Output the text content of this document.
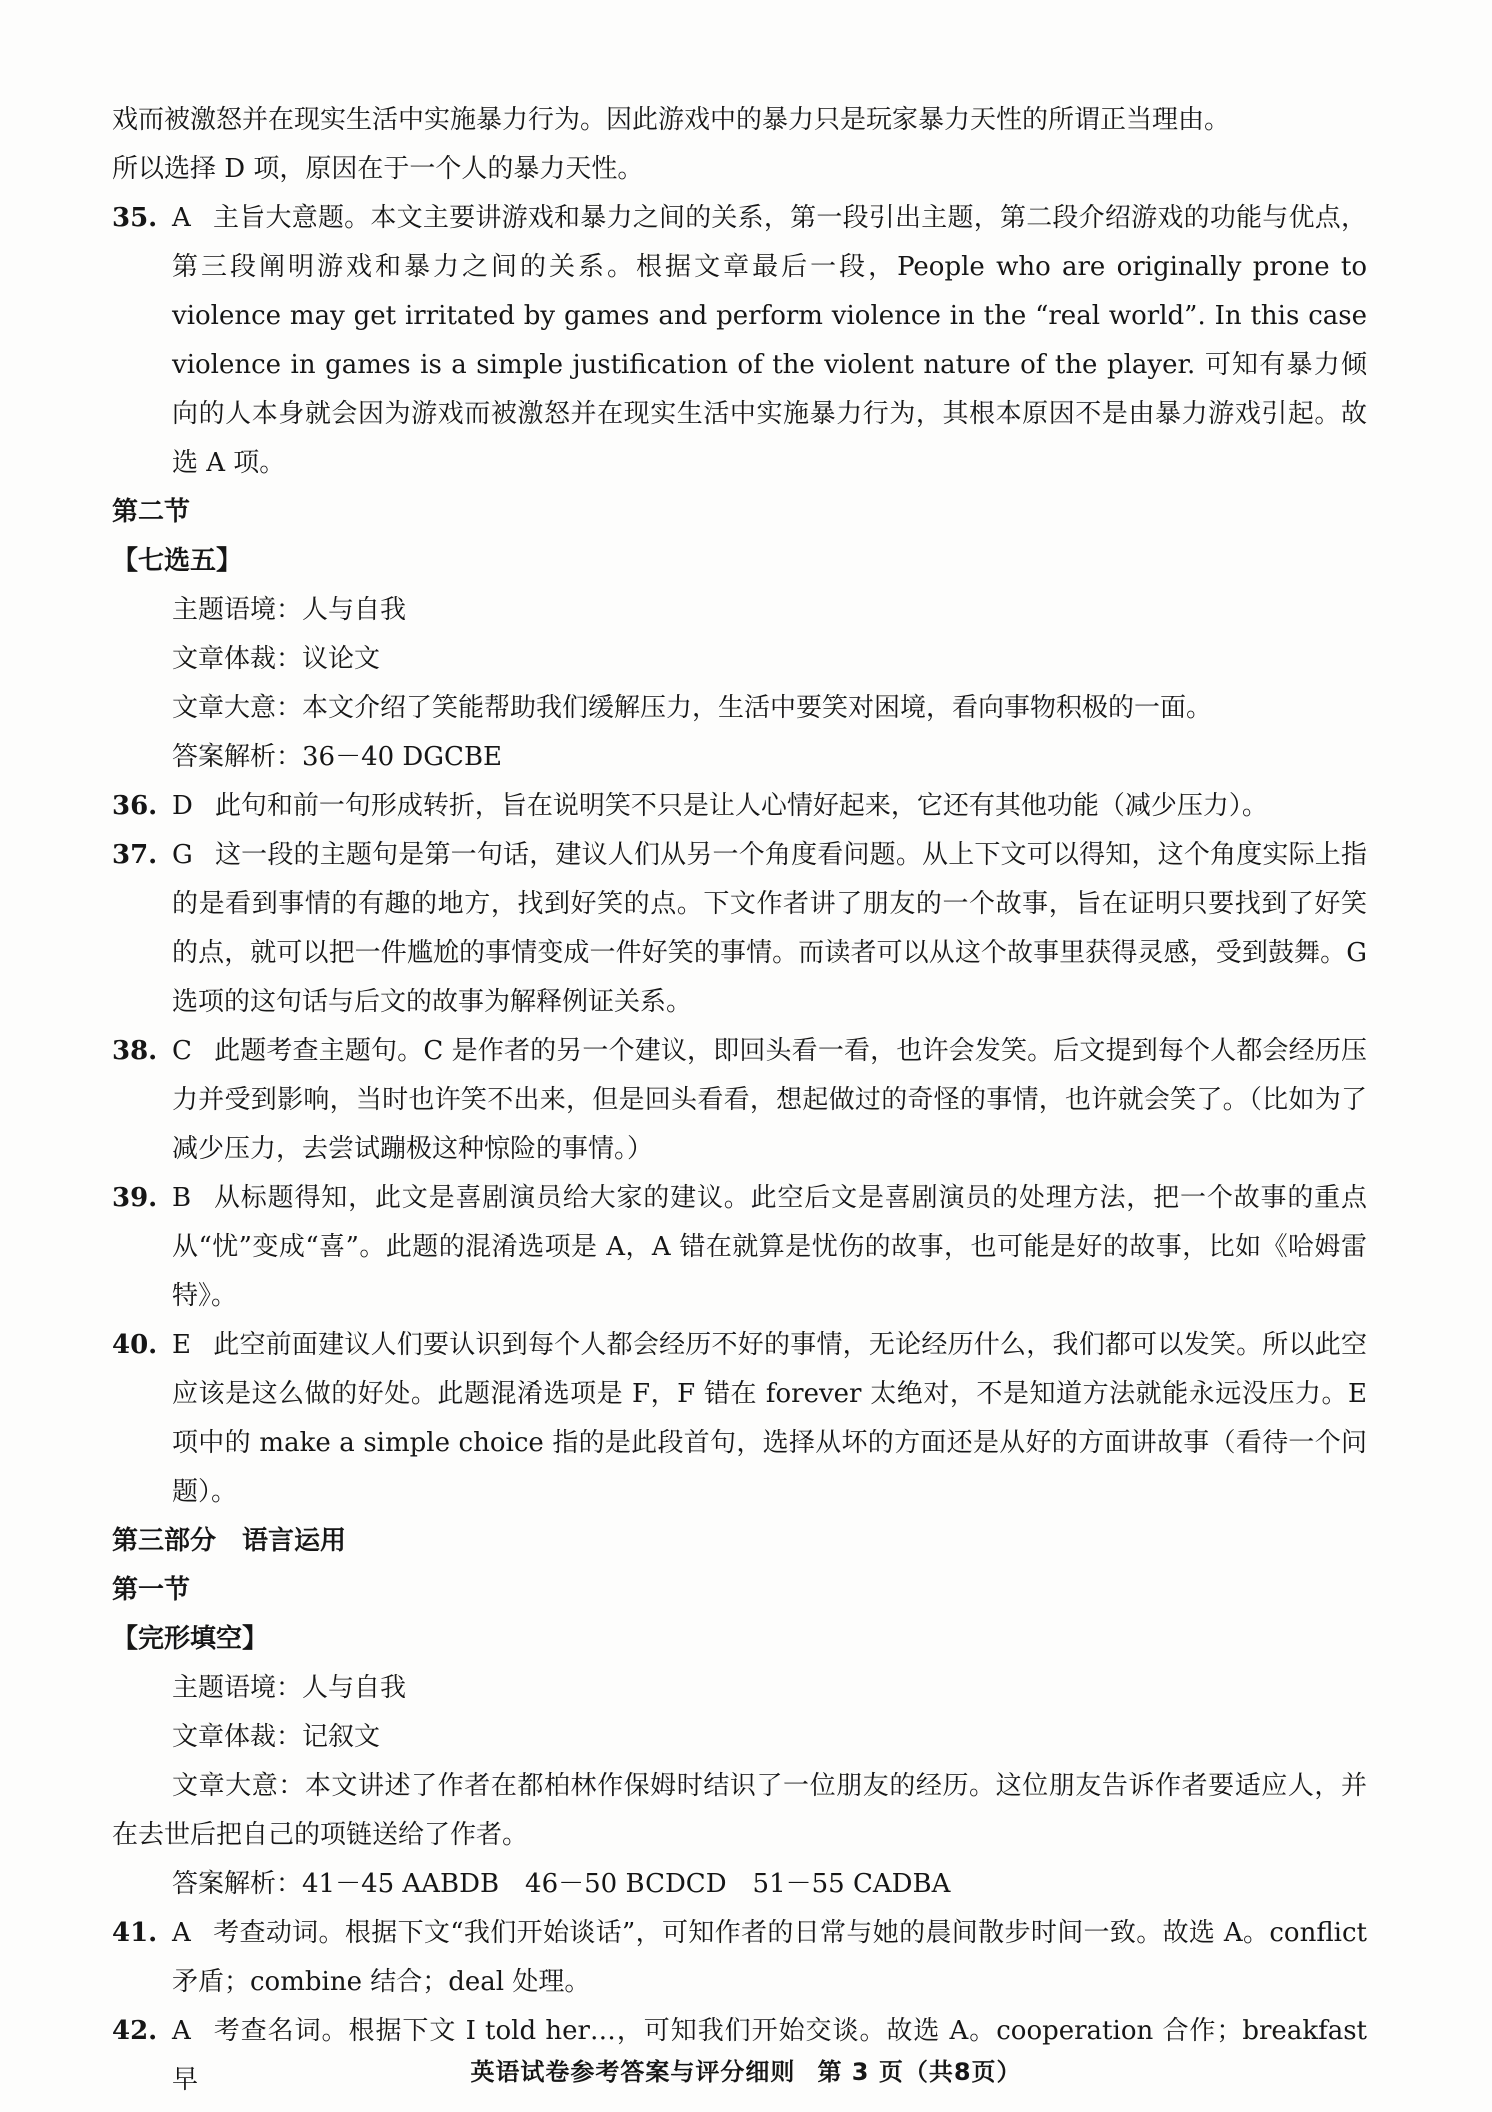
戏而被激怒并在现实生活中实施暴力行为。因此游戏中的暴力只是玩家暴力天性的所谓正当理由。

所以选择 D 项，原因在于一个人的暴力天性。

35. A 主旨大意题。本文主要讲游戏和暴力之间的关系，第一段引出主题，第二段介绍游戏的功能与优点，第三段阐明游戏和暴力之间的关系。根据文章最后一段，People who are originally prone to violence may get irritated by games and perform violence in the “real world”. In this case violence in games is a simple justification of the violent nature of the player. 可知有暴力倾向的人本身就会因为游戏而被激怒并在现实生活中实施暴力行为，其根本原因不是由暴力游戏引起。故选 A 项。

第二节

【七选五】

主题语境：人与自我

文章体裁：议论文

文章大意：本文介绍了笑能帮助我们缓解压力，生活中要笑对困境，看向事物积极的一面。

答案解析：36－40 DGCBE

36. D 此句和前一句形成转折，旨在说明笑不只是让人心情好起来，它还有其他功能（减少压力）。
37. G 这一段的主题句是第一句话，建议人们从另一个角度看问题。从上下文可以得知，这个角度实际上指的是看到事情的有趣的地方，找到好笑的点。下文作者讲了朋友的一个故事，旨在证明只要找到了好笑的点，就可以把一件尴尬的事情变成一件好笑的事情。而读者可以从这个故事里获得灵感，受到鼓舞。G 选项的这句话与后文的故事为解释例证关系。
38. C 此题考查主题句。C 是作者的另一个建议，即回头看一看，也许会发笑。后文提到每个人都会经历压力并受到影响，当时也许笑不出来，但是回头看看，想起做过的奇怪的事情，也许就会笑了。（比如为了减少压力，去尝试蹦极这种惊险的事情。）
39. B 从标题得知，此文是喜剧演员给大家的建议。此空后文是喜剧演员的处理方法，把一个故事的重点从“忧”变成“喜”。此题的混淆选项是 A，A 错在就算是忧伤的故事，也可能是好的故事，比如《哈姆雷特》。
40. E 此空前面建议人们要认识到每个人都会经历不好的事情，无论经历什么，我们都可以发笑。所以此空应该是这么做的好处。此题混淆选项是 F，F 错在 forever 太绝对，不是知道方法就能永远没压力。E 项中的 make a simple choice 指的是此段首句，选择从坏的方面还是从好的方面讲故事（看待一个问题）。

第三部分 语言运用

第一节

【完形填空】

主题语境：人与自我

文章体裁：记叙文

文章大意：本文讲述了作者在都柏林作保姆时结识了一位朋友的经历。这位朋友告诉作者要适应人，并在去世后把自己的项链送给了作者。

答案解析：41－45 AABDB　46－50 BCDCD　51－55 CADBA

41. A 考查动词。根据下文“我们开始谈话”，可知作者的日常与她的晨间散步时间一致。故选 A。conflict 矛盾；combine 结合；deal 处理。
42. A 考查名词。根据下文 I told her…，可知我们开始交谈。故选 A。cooperation 合作；breakfast 早	英语试卷参考答案与评分细则 第 3 页（共8页）
